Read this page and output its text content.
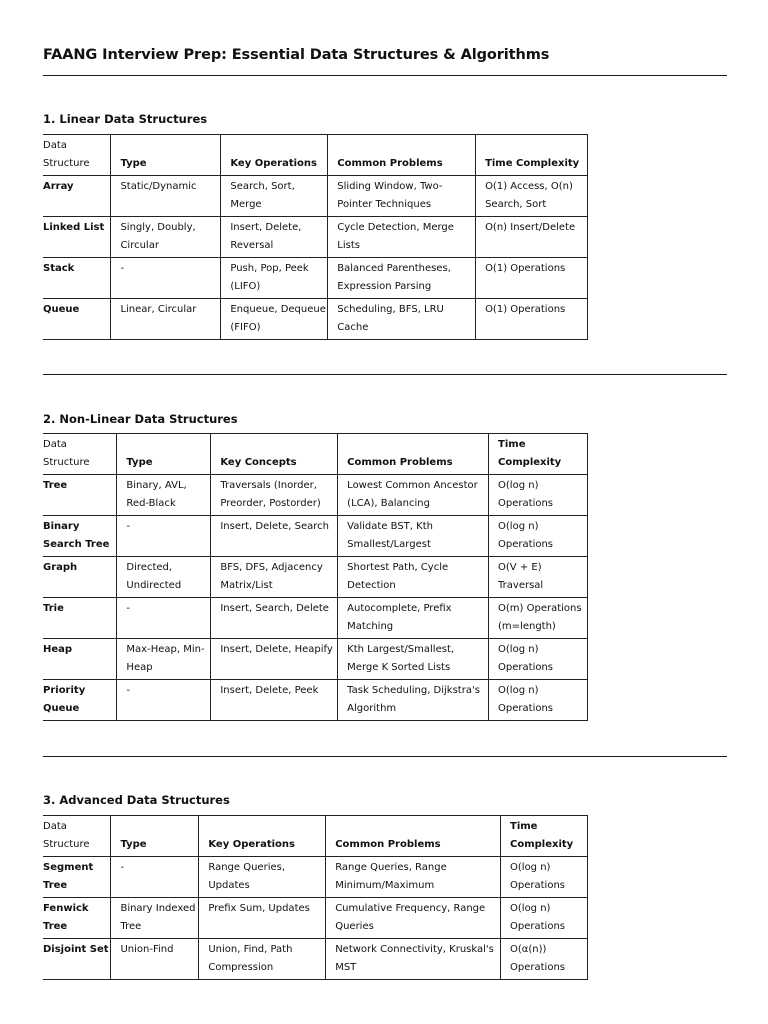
FAANG Interview Prep: Essential Data Structures & Algorithms
1. Linear Data Structures
Data Structure	Type	Key Operations	Common Problems	Time Complexity
Array	Static/Dynamic	Search, Sort, Merge	Sliding Window, Two-Pointer Techniques	O(1) Access, O(n) Search, Sort
Linked List	Singly, Doubly, Circular	Insert, Delete, Reversal	Cycle Detection, Merge Lists	O(n) Insert/Delete
Stack	-	Push, Pop, Peek (LIFO)	Balanced Parentheses, Expression Parsing	O(1) Operations
Queue	Linear, Circular	Enqueue, Dequeue (FIFO)	Scheduling, BFS, LRU Cache	O(1) Operations
2. Non-Linear Data Structures
Data Structure	Type	Key Concepts	Common Problems	Time Complexity
Tree	Binary, AVL, Red-Black	Traversals (Inorder, Preorder, Postorder)	Lowest Common Ancestor (LCA), Balancing	O(log n) Operations
Binary Search Tree	-	Insert, Delete, Search	Validate BST, Kth Smallest/Largest	O(log n) Operations
Graph	Directed, Undirected	BFS, DFS, Adjacency Matrix/List	Shortest Path, Cycle Detection	O(V + E) Traversal
Trie	-	Insert, Search, Delete	Autocomplete, Prefix Matching	O(m) Operations (m=length)
Heap	Max-Heap, Min-Heap	Insert, Delete, Heapify	Kth Largest/Smallest, Merge K Sorted Lists	O(log n) Operations
Priority Queue	-	Insert, Delete, Peek	Task Scheduling, Dijkstra's Algorithm	O(log n) Operations
3. Advanced Data Structures
Data Structure	Type	Key Operations	Common Problems	Time Complexity
Segment Tree	-	Range Queries, Updates	Range Queries, Range Minimum/Maximum	O(log n) Operations
Fenwick Tree	Binary Indexed Tree	Prefix Sum, Updates	Cumulative Frequency, Range Queries	O(log n) Operations
Disjoint Set	Union-Find	Union, Find, Path Compression	Network Connectivity, Kruskal's MST	O(α(n)) Operations
